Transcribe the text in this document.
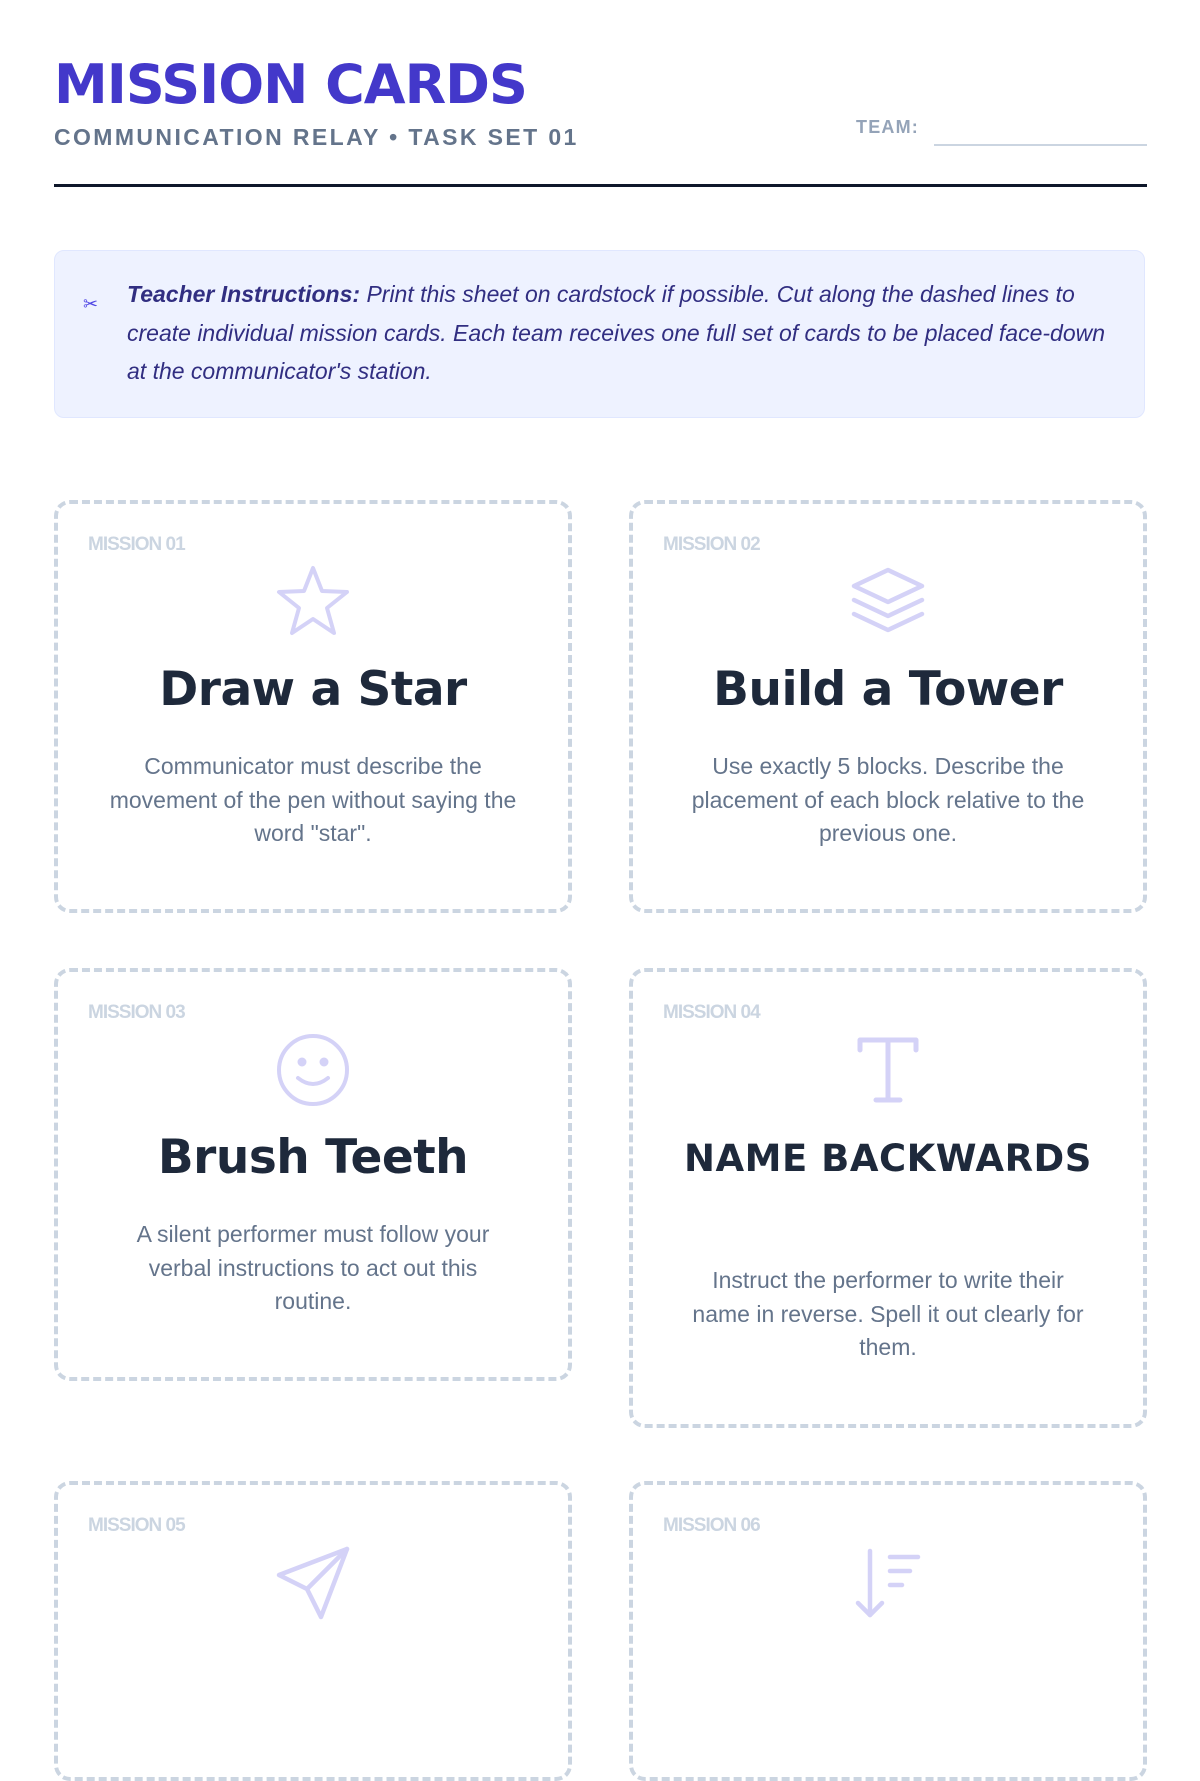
MISSION CARDS
COMMUNICATION RELAY • TASK SET 01	TEAM:
✂ Teacher Instructions: Print this sheet on cardstock if possible. Cut along the dashed lines to create individual mission cards. Each team receives one full set of cards to be placed face-down at the communicator's station.
MISSION 01
Draw a Star
Communicator must describe the movement of the pen without saying the word "star".
MISSION 02
Build a Tower
Use exactly 5 blocks. Describe the placement of each block relative to the previous one.
MISSION 03
Brush Teeth
A silent performer must follow your verbal instructions to act out this routine.
MISSION 04
NAME BACKWARDS
Instruct the performer to write their name in reverse. Spell it out clearly for them.
MISSION 05	MISSION 06
